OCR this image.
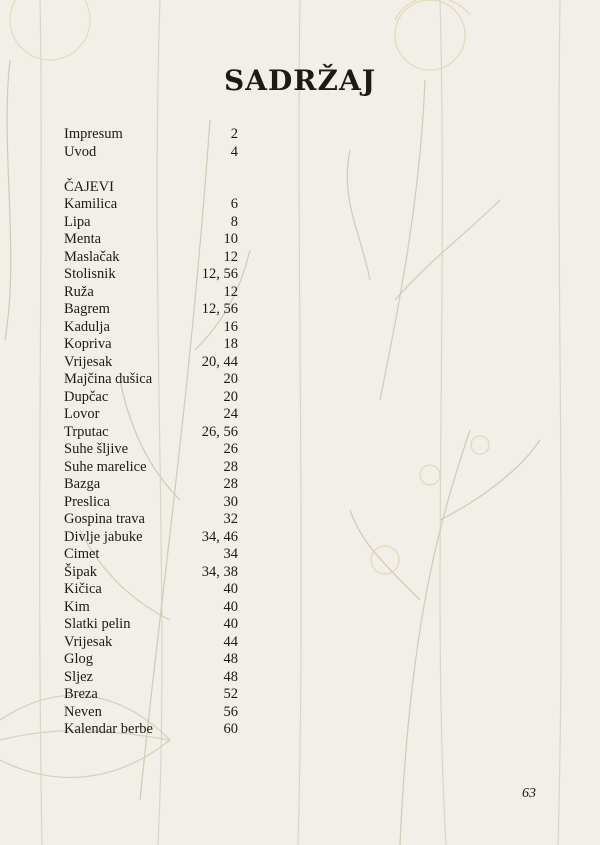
SADRŽAJ
Impresum	2
Uvod	4
ČAJEVI
Kamilica	6
Lipa	8
Menta	10
Maslačak	12
Stolisnik	12, 56
Ruža	12
Bagrem	12, 56
Kadulja	16
Kopriva	18
Vrijesak	20, 44
Majčina dušica	20
Dupčac	20
Lovor	24
Trputac	26, 56
Suhe šljive	26
Suhe marelice	28
Bazga	28
Preslica	30
Gospina trava	32
Divlje jabuke	34, 46
Cimet	34
Šipak	34, 38
Kičica	40
Kim	40
Slatki pelin	40
Vrijesak	44
Glog	48
Sljez	48
Breza	52
Neven	56
Kalendar berbe	60
63
